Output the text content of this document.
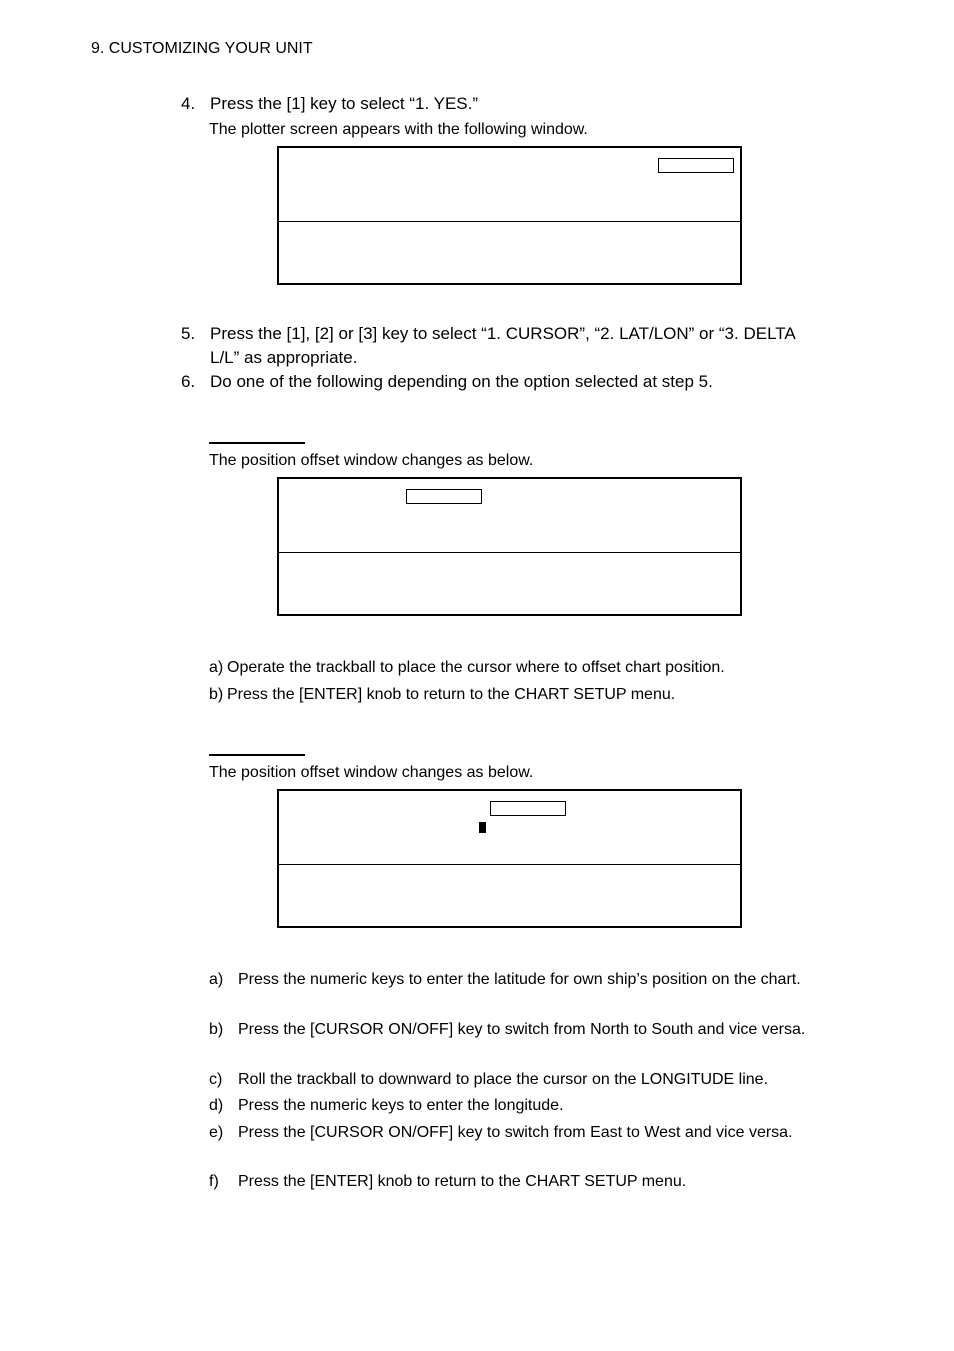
9. CUSTOMIZING YOUR UNIT
4. Press the [1] key to select “1. YES.”
The plotter screen appears with the following window.
5. Press the [1], [2] or [3] key to select “1. CURSOR”, “2. LAT/LON” or “3. DELTA L/L” as appropriate.
6. Do one of the following depending on the option selected at step 5.
The position offset window changes as below.
a) Operate the trackball to place the cursor where to offset chart position.
b) Press the [ENTER] knob to return to the CHART SETUP menu.
The position offset window changes as below.
a) Press the numeric keys to enter the latitude for own ship’s position on the chart.
b) Press the [CURSOR ON/OFF] key to switch from North to South and vice versa.
c) Roll the trackball to downward to place the cursor on the LONGITUDE line.
d) Press the numeric keys to enter the longitude.
e) Press the [CURSOR ON/OFF] key to switch from East to West and vice versa.
f) Press the [ENTER] knob to return to the CHART SETUP menu.
